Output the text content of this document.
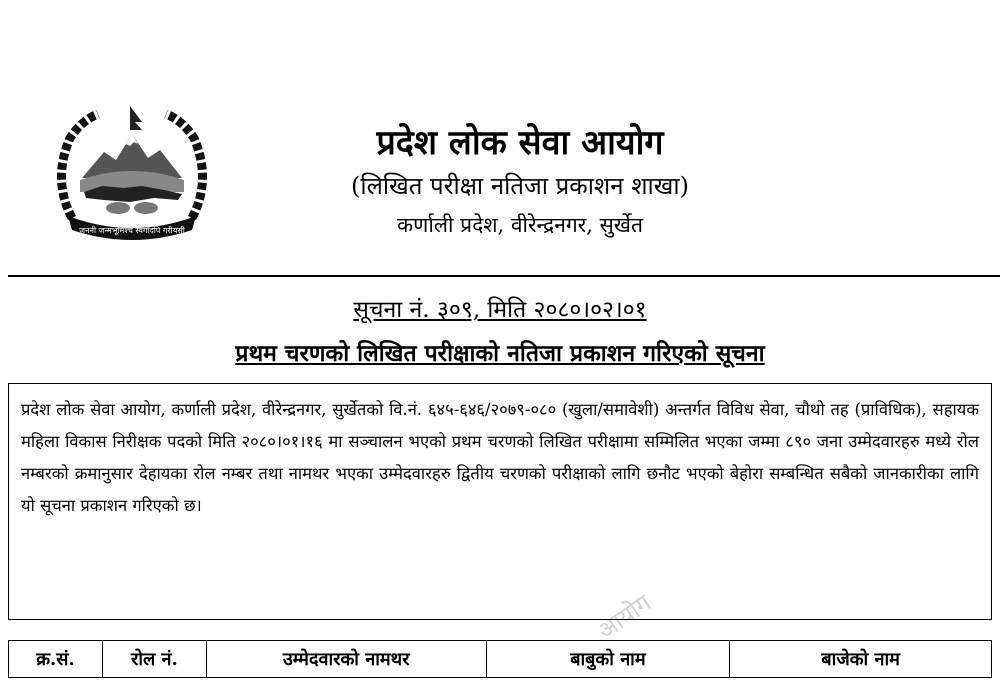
जननी जन्मभूमिश्च स्वर्गादपि गरीयसी
प्रदेश लोक सेवा आयोग
(लिखित परीक्षा नतिजा प्रकाशन शाखा)
कर्णाली प्रदेश, वीरेन्द्रनगर, सुर्खेत
सूचना नं. ३०९, मिति २०८०।०२।०१
प्रथम चरणको लिखित परीक्षाको नतिजा प्रकाशन गरिएको सूचना
प्रदेश लोक सेवा आयोग, कर्णाली प्रदेश, वीरेन्द्रनगर, सुर्खेतको वि.नं. ६४५-६४६/२०७९-०८० (खुला/समावेशी) अन्तर्गत विविध सेवा, चौथो तह (प्राविधिक), सहायक महिला विकास निरीक्षक पदको मिति २०८०।०१।१६ मा सञ्चालन भएको प्रथम चरणको लिखित परीक्षामा सम्मिलित भएका जम्मा ८९० जना उम्मेदवारहरु मध्ये रोल नम्बरको क्रमानुसार देहायका रोल नम्बर तथा नामथर भएका उम्मेदवारहरु द्वितीय चरणको परीक्षाको लागि छनौट भएको बेहोरा सम्बन्धित सबैको जानकारीका लागि यो सूचना प्रकाशन गरिएको छ।
आयोग
क्र.सं.	रोल नं.	उम्मेदवारको नामथर	बाबुको नाम	बाजेको नाम
